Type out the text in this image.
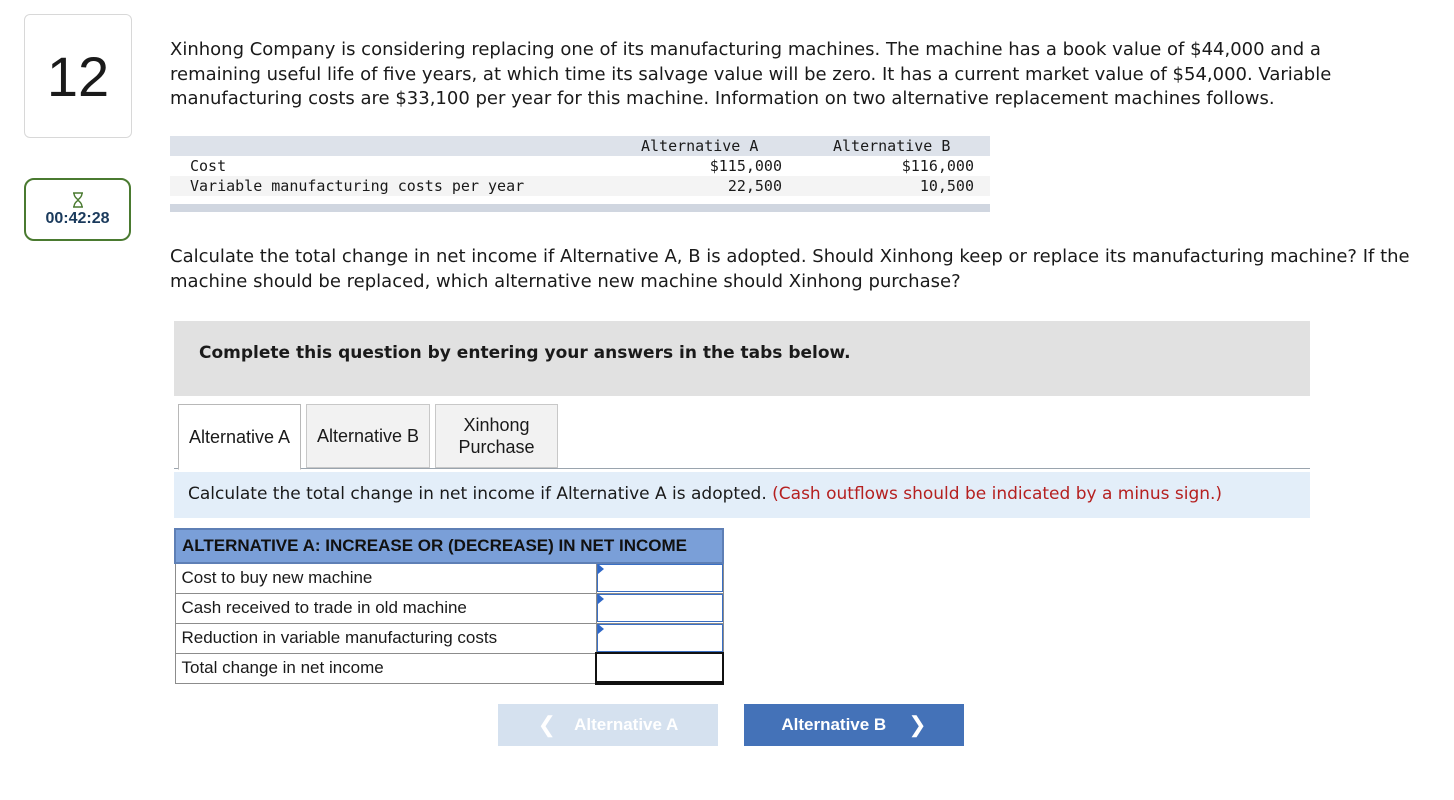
12
00:42:28
Xinhong Company is considering replacing one of its manufacturing machines. The machine has a book value of $44,000 and a remaining useful life of five years, at which time its salvage value will be zero. It has a current market value of $54,000. Variable manufacturing costs are $33,100 per year for this machine. Information on two alternative replacement machines follows.
Alternative A	Alternative B
Cost	$115,000	$116,000
Variable manufacturing costs per year	22,500	10,500
Calculate the total change in net income if Alternative A, B is adopted. Should Xinhong keep or replace its manufacturing machine? If the machine should be replaced, which alternative new machine should Xinhong purchase?
Complete this question by entering your answers in the tabs below.
Alternative A	Alternative B
Xinhong Purchase
Calculate the total change in net income if Alternative A is adopted. (Cash outflows should be indicated by a minus sign.)
ALTERNATIVE A: INCREASE OR (DECREASE) IN NET INCOME	
Cost to buy new machine	

Cash received to trade in old machine	

Reduction in variable manufacturing costs	

Total change in net income	
❮ Alternative A	Alternative B ❯
